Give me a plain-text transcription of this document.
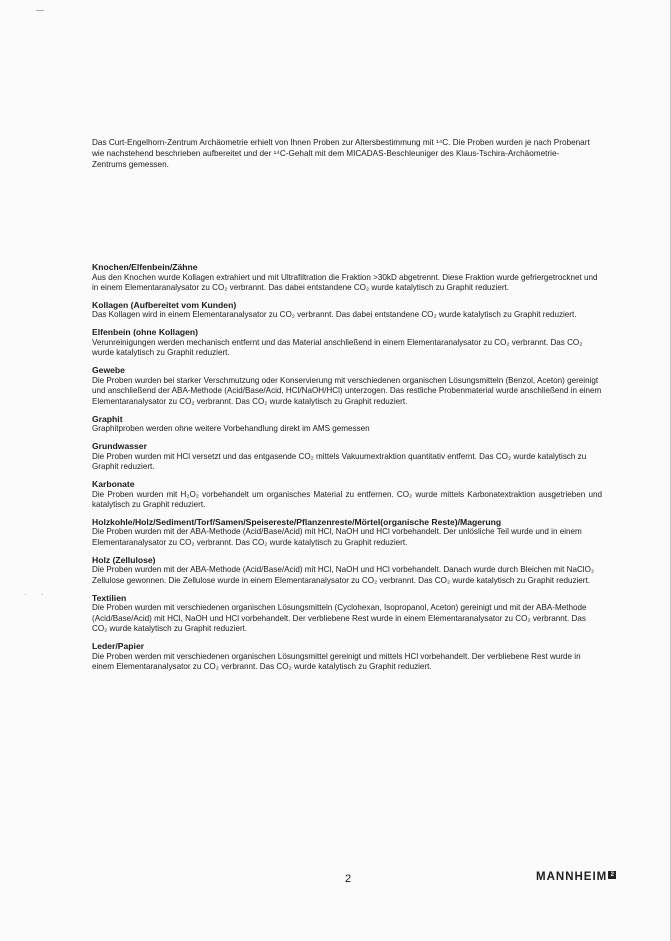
· ·

Das Curt-Engelhorn-Zentrum Archäometrie erhielt von Ihnen Proben zur Altersbestimmung mit ¹⁴C. Die Proben wurden je nach Probenart wie nachstehend beschrieben aufbereitet und der ¹⁴C-Gehalt mit dem MICADAS-Beschleuniger des Klaus-Tschira-Archäometrie-Zentrums gemessen.

Knochen/Elfenbein/Zähne

Aus den Knochen wurde Kollagen extrahiert und mit Ultrafiltration die Fraktion >30kD abgetrennt. Diese Fraktion wurde gefriergetrocknet und in einem Elementaranalysator zu CO₂ verbrannt. Das dabei entstandene CO₂ wurde katalytisch zu Graphit reduziert.

Kollagen (Aufbereitet vom Kunden)

Das Kollagen wird in einem Elementaranalysator zu CO₂ verbrannt. Das dabei entstandene CO₂ wurde katalytisch zu Graphit reduziert.

Elfenbein (ohne Kollagen)

Verunreinigungen werden mechanisch entfernt und das Material anschließend in einem Elementaranalysator zu CO₂ verbrannt. Das CO₂ wurde katalytisch zu Graphit reduziert.

Gewebe

Die Proben wurden bei starker Verschmutzung oder Konservierung mit verschiedenen organischen Lösungsmitteln (Benzol, Aceton) gereinigt und anschließend der ABA-Methode (Acid/Base/Acid, HCl/NaOH/HCl) unterzogen. Das restliche Probenmaterial wurde anschließend in einem Elementaranalysator zu CO₂ verbrannt. Das CO₂ wurde katalytisch zu Graphit reduziert.

Graphit

Graphitproben werden ohne weitere Vorbehandlung direkt im AMS gemessen

Grundwasser

Die Proben wurden mit HCl versetzt und das entgasende CO₂ mittels Vakuumextraktion quantitativ entfernt. Das CO₂ wurde katalytisch zu Graphit reduziert.

Karbonate

Die Proben wurden mit H₂O₂ vorbehandelt um organisches Material zu entfernen. CO₂ wurde mittels Karbonatextraktion ausgetrieben und katalytisch zu Graphit reduziert.

Holzkohle/Holz/Sediment/Torf/Samen/Speisereste/Pflanzenreste/Mörtel(organische Reste)/Magerung

Die Proben wurden mit der ABA-Methode (Acid/Base/Acid) mit HCl, NaOH und HCl vorbehandelt. Der unlösliche Teil wurde und in einem Elementaranalysator zu CO₂ verbrannt. Das CO₂ wurde katalytisch zu Graphit reduziert.

Holz (Zellulose)

Die Proben wurden mit der ABA-Methode (Acid/Base/Acid) mit HCl, NaOH und HCl vorbehandelt. Danach wurde durch Bleichen mit NaClO₂ Zellulose gewonnen. Die Zellulose wurde in einem Elementaranalysator zu CO₂ verbrannt. Das CO₂ wurde katalytisch zu Graphit reduziert.

Textilien

Die Proben wurden mit verschiedenen organischen Lösungsmitteln (Cyclohexan, Isopropanol, Aceton) gereinigt und mit der ABA-Methode (Acid/Base/Acid) mit HCl, NaOH und HCl vorbehandelt. Der verbliebene Rest wurde in einem Elementaranalysator zu CO₂ verbrannt. Das CO₂ wurde katalytisch zu Graphit reduziert.

Leder/Papier

Die Proben werden mit verschiedenen organischen Lösungsmittel gereinigt und mittels HCl vorbehandelt. Der verbliebene Rest wurde in einem Elementaranalysator zu CO₂ verbrannt. Das CO₂ wurde katalytisch zu Graphit reduziert.

2	MANNHEIM 2
